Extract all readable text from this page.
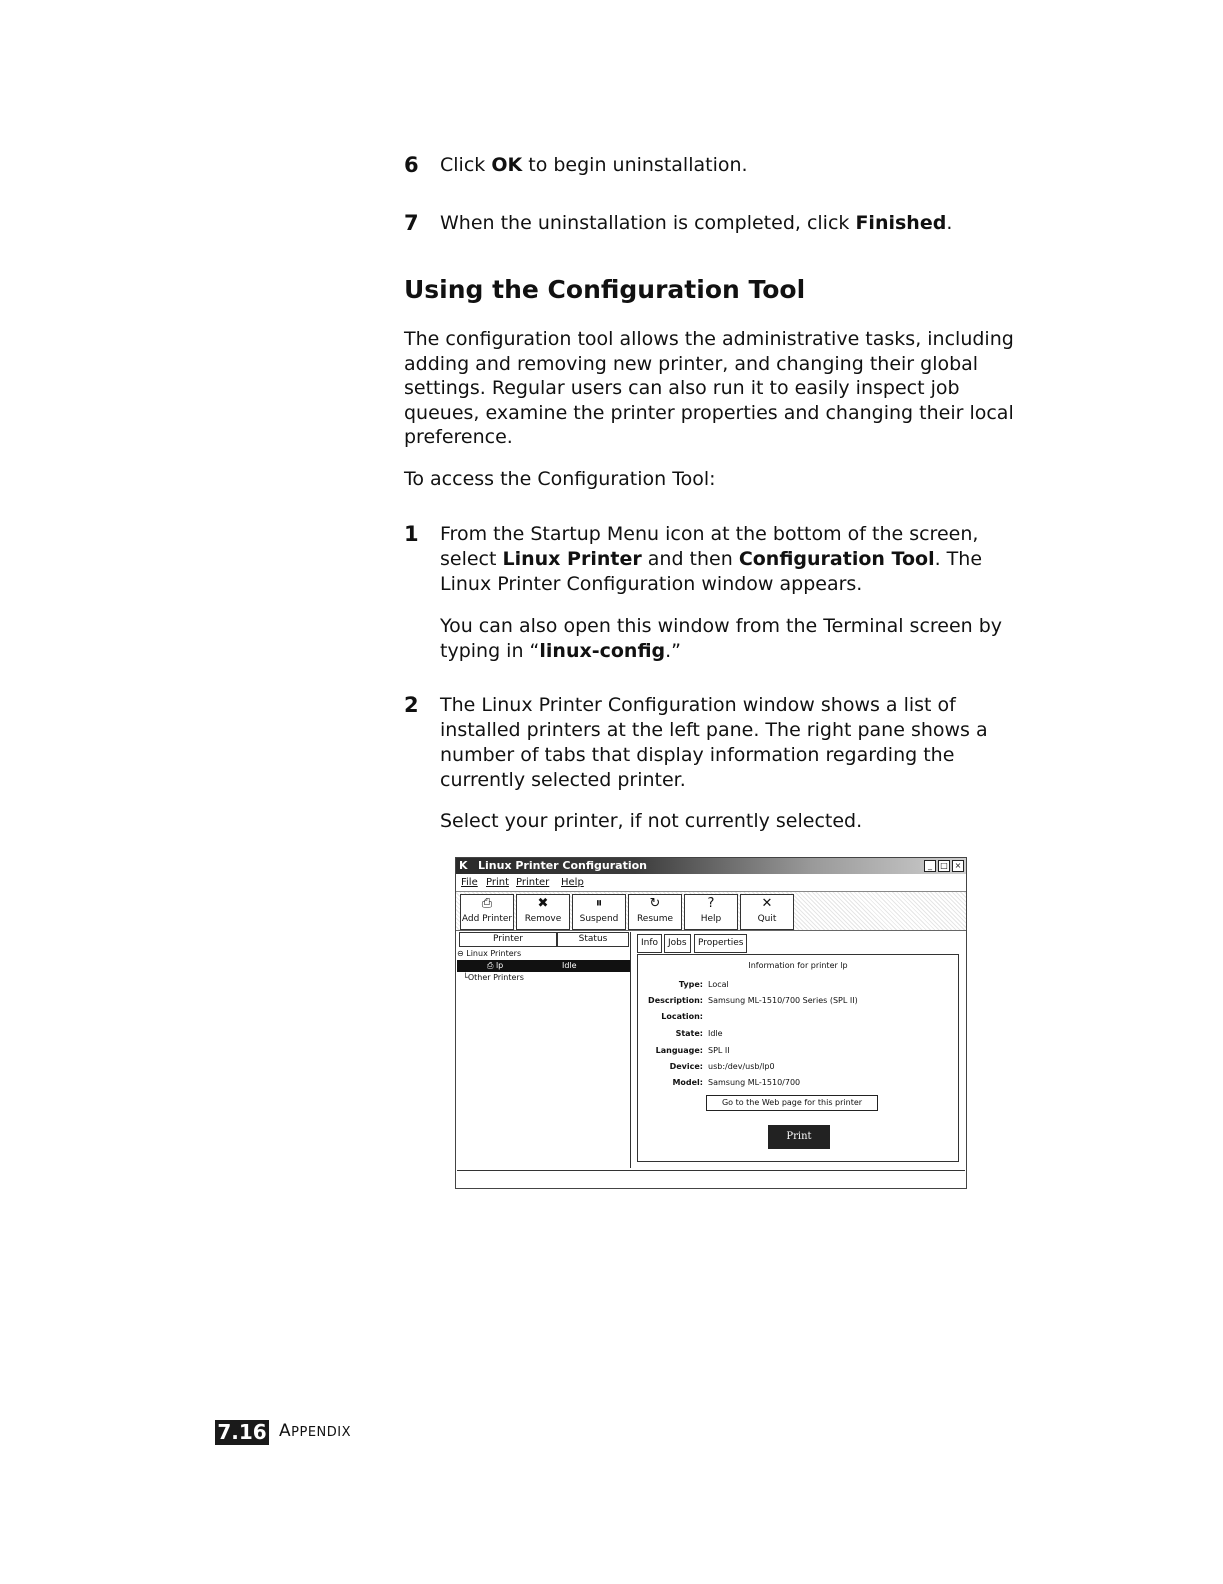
6 Click OK to begin uninstallation.
7 When the uninstallation is completed, click Finished.
Using the Configuration Tool
The configuration tool allows the administrative tasks, including adding and removing new printer, and changing their global settings. Regular users can also run it to easily inspect job queues, examine the printer properties and changing their local preference.
To access the Configuration Tool:
1 From the Startup Menu icon at the bottom of the screen, select Linux Printer and then Configuration Tool. The Linux Printer Configuration window appears.
You can also open this window from the Terminal screen by typing in “linux-config.”
2 The Linux Printer Configuration window shows a list of installed printers at the left pane. The right pane shows a number of tabs that display information regarding the currently selected printer.
Select your printer, if not currently selected.
K Linux Printer Configuration	_	□ ×
File Print Printer Help
⎙
Add Printer
✖
Remove
⏸
Suspend
↻
Resume
?
Help
✕
Quit
Printer	Status
⊖ Linux Printers
⎙ lp	Idle
└Other Printers
Info	Jobs	Properties
Information for printer lp
Type: Local
Description: Samsung ML-1510/700 Series (SPL II)
Location:
State: Idle
Language: SPL II
Device: usb:/dev/usb/lp0
Model: Samsung ML-1510/700
Go to the Web page for this printer
Print
7.16 APPENDIX
